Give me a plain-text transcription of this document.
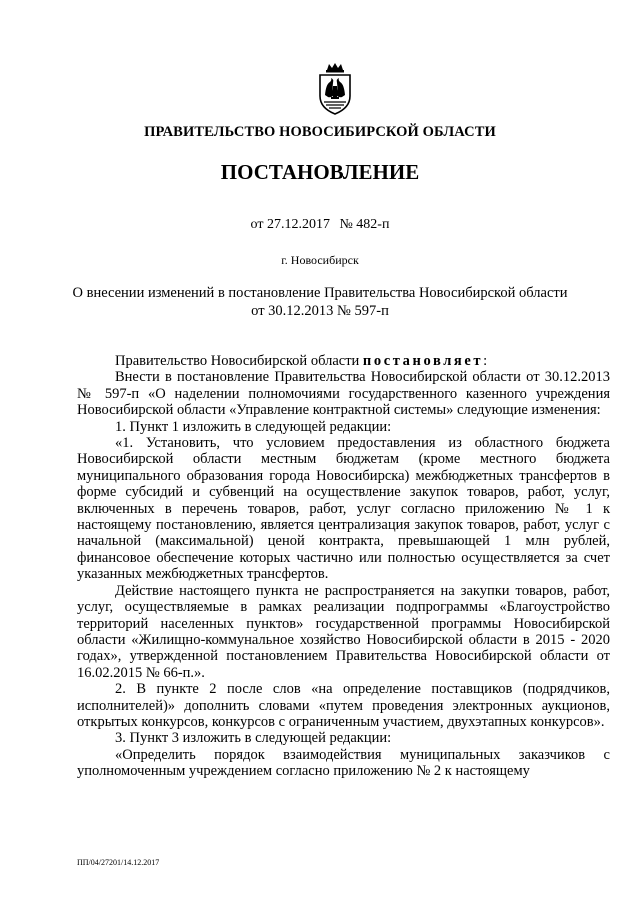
ПРАВИТЕЛЬСТВО НОВОСИБИРСКОЙ ОБЛАСТИ
ПОСТАНОВЛЕНИЕ
от 27.12.2017 № 482-п
г. Новосибирск
О внесении изменений в постановление Правительства Новосибирской области
от 30.12.2013 № 597-п

Правительство Новосибирской области постановляет:

Внести в постановление Правительства Новосибирской области от 30.12.2013 № 597-п «О наделении полномочиями государственного казенного учреждения Новосибирской области «Управление контрактной системы» следующие изменения:

1. Пункт 1 изложить в следующей редакции:

«1. Установить, что условием предоставления из областного бюджета Новосибирской области местным бюджетам (кроме местного бюджета муниципального образования города Новосибирска) межбюджетных трансфертов в форме субсидий и субвенций на осуществление закупок товаров, работ, услуг, включенных в перечень товаров, работ, услуг согласно приложению № 1 к настоящему постановлению, является централизация закупок товаров, работ, услуг с начальной (максимальной) ценой контракта, превышающей 1 млн рублей, финансовое обеспечение которых частично или полностью осуществляется за счет указанных межбюджетных трансфертов.

Действие настоящего пункта не распространяется на закупки товаров, работ, услуг, осуществляемые в рамках реализации подпрограммы «Благоустройство территорий населенных пунктов» государственной программы Новосибирской области «Жилищно-коммунальное хозяйство Новосибирской области в 2015 - 2020 годах», утвержденной постановлением Правительства Новосибирской области от 16.02.2015 № 66-п.».

2. В пункте 2 после слов «на определение поставщиков (подрядчиков, исполнителей)» дополнить словами «путем проведения электронных аукционов, открытых конкурсов, конкурсов с ограниченным участием, двухэтапных конкурсов».

3. Пункт 3 изложить в следующей редакции:

«Определить порядок взаимодействия муниципальных заказчиков с уполномоченным учреждением согласно приложению № 2 к настоящему

ПП/04/27201/14.12.2017
